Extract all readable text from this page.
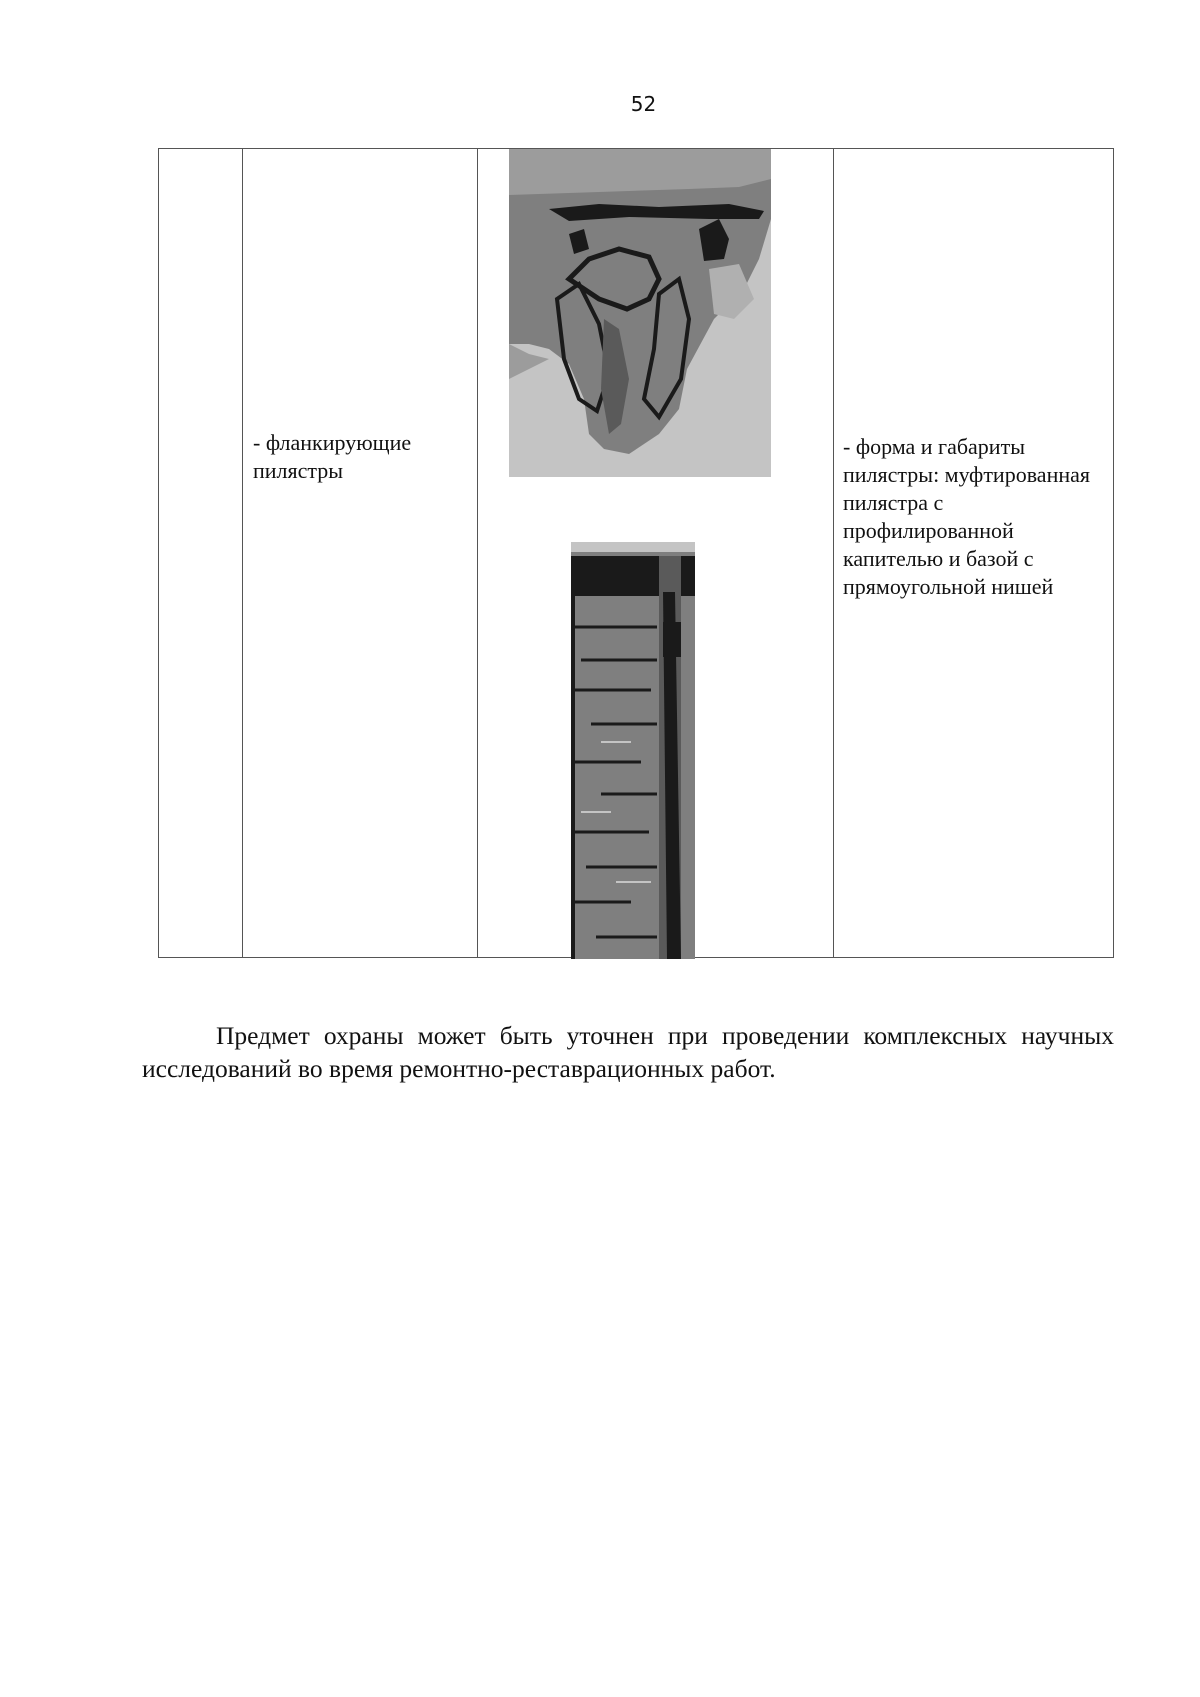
52
- фланкирующие
пилястры
- форма и габариты
пилястры: муфтированная
пилястра с
профилированной
капителью и базой с
прямоугольной нишей

Предмет охраны может быть уточнен при проведении комплексных научных исследований во время ремонтно-реставрационных работ.
